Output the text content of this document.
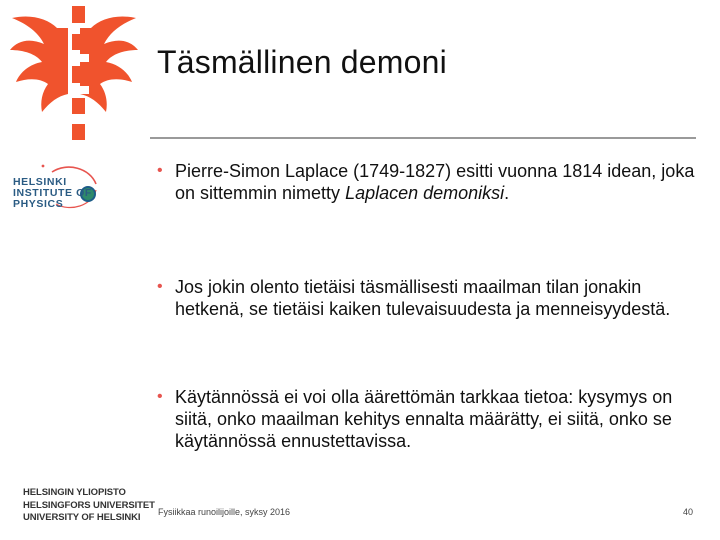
Täsmällinen demoni
HELSINKI
INSTITUTE OF
PHYSICS
• Pierre-Simon Laplace (1749-1827) esitti vuonna 1814 idean, joka on sittemmin nimetty Laplacen demoniksi.
• Jos jokin olento tietäisi täsmällisesti maailman tilan jonakin hetkenä, se tietäisi kaiken tulevaisuudesta ja menneisyydestä.
• Käytännössä ei voi olla äärettömän tarkkaa tietoa: kysymys on siitä, onko maailman kehitys ennalta määrätty, ei siitä, onko se käytännössä ennustettavissa.
HELSINGIN YLIOPISTO
HELSINGFORS UNIVERSITET
UNIVERSITY OF HELSINKI	Fysiikkaa runoilijoille, syksy 2016	40
